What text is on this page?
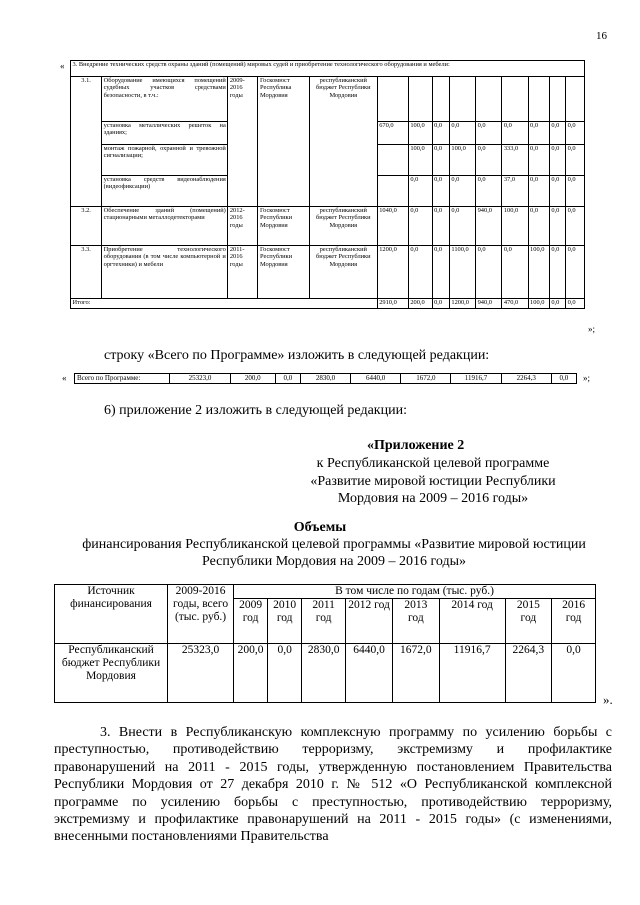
16
« 3. Внедрение технических средств охраны зданий (помещений) мировых судей и приобретение технологического оборудования и мебели:													
3.1.	Оборудование имеющихся помещений судебных участков средствами безопасности, в т.ч.:	2009-2016 годы	Госкомюст Республика Мордовия	республиканский бюджет Республики Мордовия									
	установка металлических решеток на зданиях;				670,0	100,0	0,0	0,0	0,0	0,0	0,0	0,0	0,0
	монтаж пожарной, охранной и тревожной сигнализации;					100,0	0,0	100,0	0,0	333,0	0,0	0,0	0,0
	установка средств видеонаблюдения (видеофиксации)					0,0	0,0	0,0	0,0	37,0	0,0	0,0	0,0
3.2.	Обеспечение зданий (помещений) стационарными металлодетекторами	2012-2016 годы	Госкомюст Республики Мордовия	республиканский бюджет Республики Мордовия	1040,0	0,0	0,0	0,0	940,0	100,0	0,0	0,0	0,0
3.3.	Приобретение технологического оборудования (в том числе компьютерной и оргтехники) и мебели	2011-2016 годы	Госкомюст Республики Мордовия	республиканский бюджет Республики Мордовия	1200,0	0,0	0,0	1100,0	0,0	0,0	100,0	0,0	0,0
Итого:					2910,0	200,0	0,0	1200,0	940,0	470,0	100,0	0,0	0,0
»;
строку «Всего по Программе» изложить в следующей редакции:
« Всего по Программе:	25323,0	200,0	0,0	2830,0	6440,0	1672,0	11916,7	2264,3	0,0 »;
6) приложение 2 изложить в следующей редакции:
«Приложение 2
к Республиканской целевой программе
«Развитие мировой юстиции Республики
Мордовия на 2009 – 2016 годы»
Объемы
финансирования Республиканской целевой программы «Развитие мировой юстиции
Республики Мордовия на 2009 – 2016 годы»
Источник финансирования	2009-2016 годы, всего (тыс. руб.)	В том числе по годам (тыс. руб.)							
		2009 год	2010 год	2011 год	2012 год	2013 год	2014 год	2015 год	2016 год
Республиканский бюджет Республики Мордовия	25323,0	200,0	0,0	2830,0	6440,0	1672,0	11916,7	2264,3	0,0
».
3. Внести в Республиканскую комплексную программу по усилению борьбы с преступностью, противодействию терроризму, экстремизму и профилактике правонарушений на 2011 - 2015 годы, утвержденную постановлением Правительства Республики Мордовия от 27 декабря 2010 г. № 512 «О Республиканской комплексной программе по усилению борьбы с преступностью, противодействию терроризму, экстремизму и профилактике правонарушений на 2011 - 2015 годы» (с изменениями, внесенными постановлениями Правительства
